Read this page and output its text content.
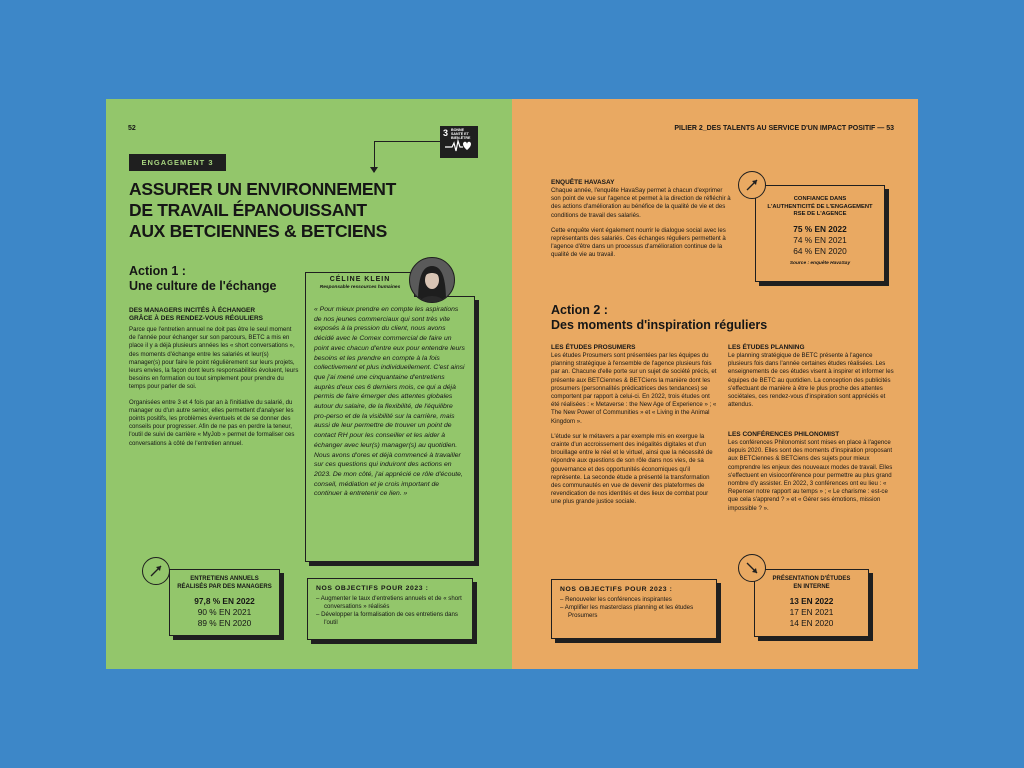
52	3 BONNE SANTÉ ET BIEN-ÊTRE
ENGAGEMENT 3
ASSURER UN ENVIRONNEMENT
DE TRAVAIL ÉPANOUISSANT
AUX BETCIENNES & BETCIENS
Action 1 :
Une culture de l'échange
DES MANAGERS INCITÉS À ÉCHANGER
GRÂCE À DES RENDEZ-VOUS RÉGULIERS

Parce que l'entretien annuel ne doit pas être le seul moment de l'année pour échanger sur son parcours, BETC a mis en place il y a déjà plusieurs années les « short conversations », des moments d'échange entre les salariés et leur(s) manager(s) pour faire le point régulièrement sur leurs projets, leurs envies, la façon dont leurs responsabilités évoluent, leurs besoins en formation ou tout simplement pour prendre du temps pour parler de soi.

Organisées entre 3 et 4 fois par an à l'initiative du salarié, du manager ou d'un autre senior, elles permettent d'analyser les points positifs, les problèmes éventuels et de se donner des conseils pour progresser. Afin de ne pas en perdre la teneur, l'outil de suivi de carrière « MyJob » permet de formaliser ces conversations à côté de l'entretien annuel.

« Pour mieux prendre en compte les aspirations de nos jeunes commerciaux qui sont très vite exposés à la pression du client, nous avons décidé avec le Comex commercial de faire un point avec chacun d'entre eux pour entendre leurs besoins et les prendre en compte à la fois collectivement et plus individuellement. C'est ainsi que j'ai mené une cinquantaine d'entretiens auprès d'eux ces 6 derniers mois, ce qui a déjà permis de faire émerger des attentes globales autour du salaire, de la flexibilité, de l'équilibre pro-perso et de la visibilité sur la carrière, mais aussi de leur permettre de trouver un point de contact RH pour les conseiller et les aider à échanger avec leur(s) manager(s) au quotidien. Nous avons d'ores et déjà commencé à travailler sur ces questions qui induiront des actions en 2023. De mon côté, j'ai apprécié ce rôle d'écoute, conseil, médiation et je crois important de continuer à entretenir ce lien. »
CÉLINE KLEIN
Responsable ressources humaines
ENTRETIENS ANNUELS
RÉALISÉS PAR DES MANAGERS
97,8 % EN 2022
90 % EN 2021
89 % EN 2020
NOS OBJECTIFS POUR 2023 :
– Augmenter le taux d'entretiens annuels et de « short conversations » réalisés
– Développer la formalisation de ces entretiens dans l'outil
PILIER 2_DES TALENTS AU SERVICE D'UN IMPACT POSITIF — 53
ENQUÊTE HAVASAY

Chaque année, l'enquête HavaSay permet à chacun d'exprimer son point de vue sur l'agence et permet à la direction de réfléchir à des actions d'amélioration au bénéfice de la qualité de vie et des conditions de travail des salariés.

Cette enquête vient également nourrir le dialogue social avec les représentants des salariés. Ces échanges réguliers permettent à l'agence d'être dans un processus d'amélioration continue de la qualité de vie au travail.

CONFIANCE DANS
L'AUTHENTICITÉ DE L'ENGAGEMENT
RSE DE L'AGENCE
75 % EN 2022
74 % EN 2021
64 % EN 2020
Source : enquête HavaSay
Action 2 :
Des moments d'inspiration réguliers
LES ÉTUDES PROSUMERS

Les études Prosumers sont présentées par les équipes du planning stratégique à l'ensemble de l'agence plusieurs fois par an. Chacune d'elle porte sur un sujet de société précis, et présente aux BETCiennes & BETCiens la manière dont les prosumers (personnalités prédicatrices des tendances) se comportent par rapport à celui-ci. En 2022, trois études ont été réalisées : « Metaverse : the New Age of Experience » ; « The New Power of Communities » et « Living in the Animal Kingdom ».

L'étude sur le métavers a par exemple mis en exergue la crainte d'un accroissement des inégalités digitales et d'un brouillage entre le réel et le virtuel, ainsi que la nécessité de répondre aux questions de son rôle dans nos vies, de sa gouvernance et des opportunités économiques qu'il représente. La seconde étude a présenté la transformation des communautés en vue de devenir des plateformes de revendication de nos identités et des lieux de combat pour une plus grande justice sociale.

LES ÉTUDES PLANNING
Le planning stratégique de BETC présente à l'agence plusieurs fois dans l'année certaines études réalisées. Les enseignements de ces études visent à inspirer et informer les équipes de BETC au quotidien. La conception des publicités s'effectuant de manière à être le plus proche des attentes sociétales, ces rendez-vous d'inspiration sont appréciés et attendus.
LES CONFÉRENCES PHILONOMIST
Les conférences Philonomist sont mises en place à l'agence depuis 2020. Elles sont des moments d'inspiration proposant aux BETCiennes & BETCiens des sujets pour mieux comprendre les enjeux des nouveaux modes de travail. Elles s'effectuent en visioconférence pour permettre au plus grand nombre d'y assister. En 2022, 3 conférences ont eu lieu : « Repenser notre rapport au temps » ; « Le charisme : est-ce que cela s'apprend ? » et « Gérer ses émotions, mission impossible ? ».
NOS OBJECTIFS POUR 2023 :
– Renouveler les conférences inspirantes
– Amplifier les masterclass planning et les études Prosumers
PRÉSENTATION D'ÉTUDES
EN INTERNE
13 EN 2022
17 EN 2021
14 EN 2020
